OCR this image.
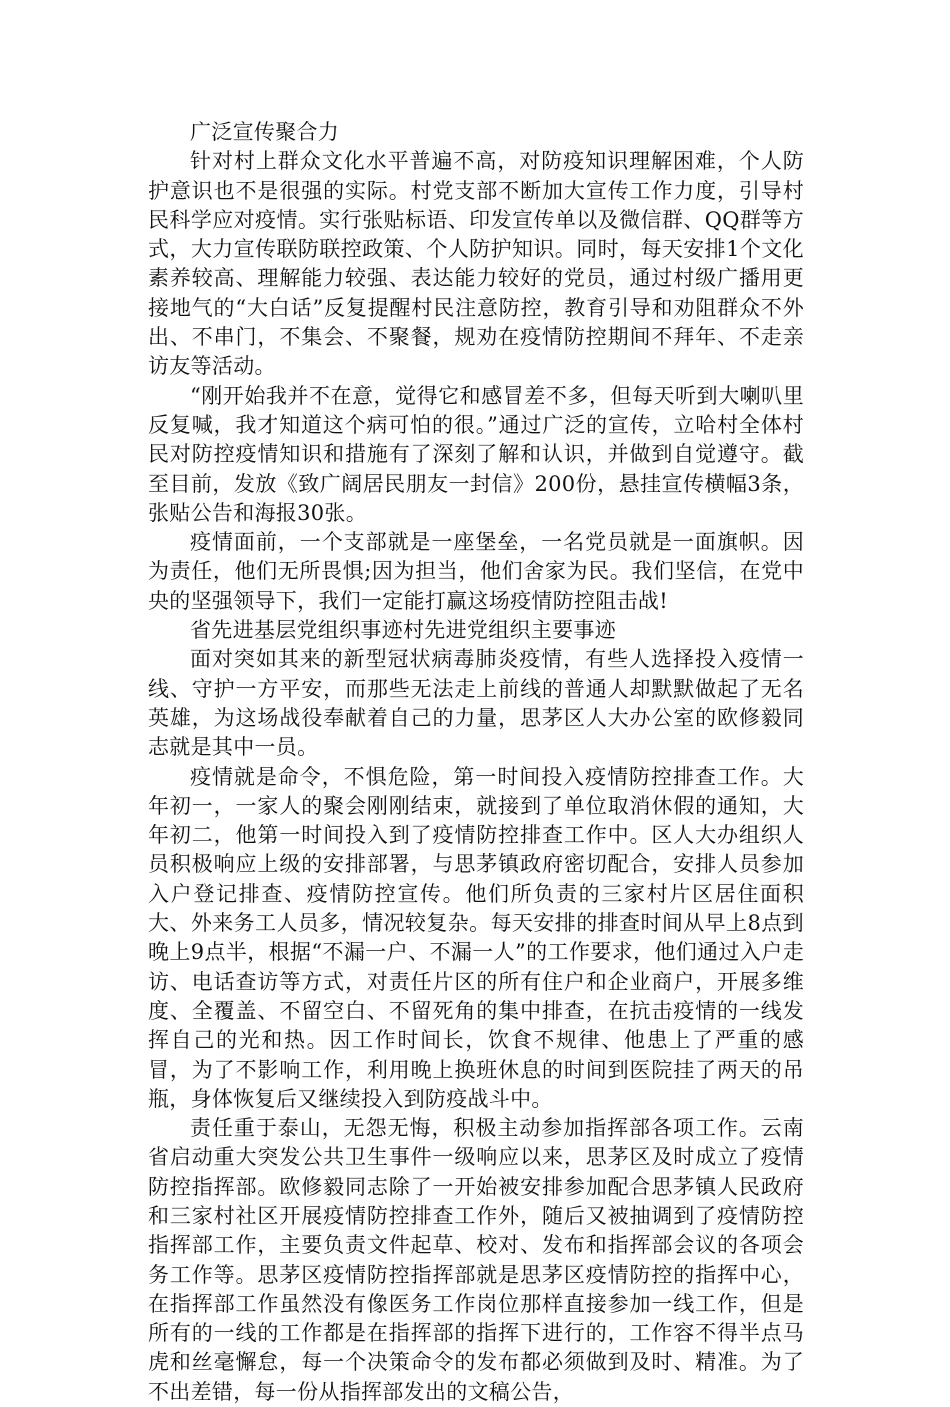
广泛宣传聚合力

针对村上群众文化水平普遍不高，对防疫知识理解困难，个人防护意识也不是很强的实际。村党支部不断加大宣传工作力度，引导村民科学应对疫情。实行张贴标语、印发宣传单以及微信群、QQ群等方式，大力宣传联防联控政策、个人防护知识。同时，每天安排1个文化素养较高、理解能力较强、表达能力较好的党员，通过村级广播用更接地气的“大白话”反复提醒村民注意防控，教育引导和劝阻群众不外出、不串门，不集会、不聚餐，规劝在疫情防控期间不拜年、不走亲访友等活动。

“刚开始我并不在意，觉得它和感冒差不多，但每天听到大喇叭里反复喊，我才知道这个病可怕的很。”通过广泛的宣传，立哈村全体村民对防控疫情知识和措施有了深刻了解和认识，并做到自觉遵守。截至目前，发放《致广阔居民朋友一封信》200份，悬挂宣传横幅3条，张贴公告和海报30张。

疫情面前，一个支部就是一座堡垒，一名党员就是一面旗帜。因为责任，他们无所畏惧;因为担当，他们舍家为民。我们坚信，在党中央的坚强领导下，我们一定能打赢这场疫情防控阻击战!

省先进基层党组织事迹村先进党组织主要事迹

面对突如其来的新型冠状病毒肺炎疫情，有些人选择投入疫情一线、守护一方平安，而那些无法走上前线的普通人却默默做起了无名英雄，为这场战役奉献着自己的力量，思茅区人大办公室的欧修毅同志就是其中一员。

疫情就是命令，不惧危险，第一时间投入疫情防控排查工作。大年初一，一家人的聚会刚刚结束，就接到了单位取消休假的通知，大年初二，他第一时间投入到了疫情防控排查工作中。区人大办组织人员积极响应上级的安排部署，与思茅镇政府密切配合，安排人员参加入户登记排查、疫情防控宣传。他们所负责的三家村片区居住面积大、外来务工人员多，情况较复杂。每天安排的排查时间从早上8点到晚上9点半，根据“不漏一户、不漏一人”的工作要求，他们通过入户走访、电话查访等方式，对责任片区的所有住户和企业商户，开展多维度、全覆盖、不留空白、不留死角的集中排查，在抗击疫情的一线发挥自己的光和热。因工作时间长，饮食不规律、他患上了严重的感冒，为了不影响工作，利用晚上换班休息的时间到医院挂了两天的吊瓶，身体恢复后又继续投入到防疫战斗中。

责任重于泰山，无怨无悔，积极主动参加指挥部各项工作。云南省启动重大突发公共卫生事件一级响应以来，思茅区及时成立了疫情防控指挥部。欧修毅同志除了一开始被安排参加配合思茅镇人民政府和三家村社区开展疫情防控排查工作外，随后又被抽调到了疫情防控指挥部工作，主要负责文件起草、校对、发布和指挥部会议的各项会务工作等。思茅区疫情防控指挥部就是思茅区疫情防控的指挥中心，在指挥部工作虽然没有像医务工作岗位那样直接参加一线工作，但是所有的一线的工作都是在指挥部的指挥下进行的，工作容不得半点马虎和丝毫懈怠，每一个决策命令的发布都必须做到及时、精准。为了不出差错，每一份从指挥部发出的文稿公告，
